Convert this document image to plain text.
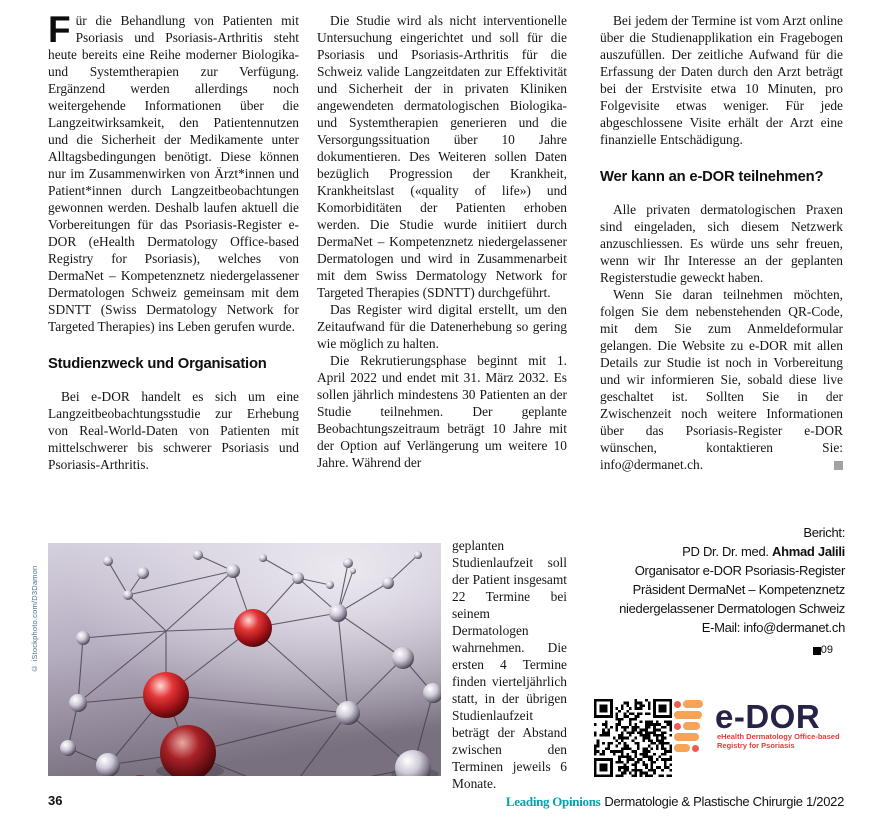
Für die Behandlung von Patienten mit Psoriasis und Psoriasis-Arthritis steht heute bereits eine Reihe moderner Biologika- und Systemtherapien zur Verfügung. Ergänzend werden allerdings noch weitergehende Informationen über die Langzeitwirksamkeit, den Patientennutzen und die Sicherheit der Medikamente unter Alltagsbedingungen benötigt. Diese können nur im Zusammenwirken von Ärzt*innen und Patient*innen durch Langzeitbeobachtungen gewonnen werden. Deshalb laufen aktuell die Vorbereitungen für das Psoriasis-Register e-DOR (eHealth Dermatology Office-based Registry for Psoriasis), welches von DermaNet – Kompetenznetz niedergelassener Dermatologen Schweiz gemeinsam mit dem SDNTT (Swiss Dermatology Network for Targeted Therapies) ins Leben gerufen wurde.

Studienzweck und Organisation

Bei e-DOR handelt es sich um eine Langzeitbeobachtungsstudie zur Erhebung von Real-World-Daten von Patienten mit mittelschwerer bis schwerer Psoriasis und Psoriasis-Arthritis.

Die Studie wird als nicht interventionelle Untersuchung eingerichtet und soll für die Psoriasis und Psoriasis-Arthritis für die Schweiz valide Langzeitdaten zur Effektivität und Sicherheit der in privaten Kliniken angewendeten dermatologischen Biologika- und Systemtherapien generieren und die Versorgungssituation über 10 Jahre dokumentieren. Des Weiteren sollen Daten bezüglich Progression der Krankheit, Krankheitslast («quality of life») und Komorbiditäten der Patienten erhoben werden. Die Studie wurde initiiert durch DermaNet – Kompetenznetz niedergelassener Dermatologen und wird in Zusammenarbeit mit dem Swiss Dermatology Network for Targeted Therapies (SDNTT) durchgeführt.

Das Register wird digital erstellt, um den Zeitaufwand für die Datenerhebung so gering wie möglich zu halten.

Die Rekrutierungsphase beginnt mit 1. April 2022 und endet mit 31. März 2032. Es sollen jährlich mindestens 30 Patienten an der Studie teilnehmen. Der geplante Beobachtungszeitraum beträgt 10 Jahre mit der Option auf Verlängerung um weitere 10 Jahre. Während der

geplanten Studienlaufzeit soll der Patient insgesamt 22 Termine bei seinem Dermatologen wahrnehmen. Die ersten 4 Termine finden vierteljährlich statt, in der übrigen Studienlaufzeit beträgt der Abstand zwischen den Terminen jeweils 6 Monate.

Bei jedem der Termine ist vom Arzt online über die Studienapplikation ein Fragebogen auszufüllen. Der zeitliche Aufwand für die Erfassung der Daten durch den Arzt beträgt bei der Erstvisite etwa 10 Minuten, pro Folgevisite etwas weniger. Für jede abgeschlossene Visite erhält der Arzt eine finanzielle Entschädigung.

Wer kann an e-DOR teilnehmen?

Alle privaten dermatologischen Praxen sind eingeladen, sich diesem Netzwerk anzuschliessen. Es würde uns sehr freuen, wenn wir Ihr Interesse an der geplanten Registerstudie geweckt haben.

Wenn Sie daran teilnehmen möchten, folgen Sie dem nebenstehenden QR-Code, mit dem Sie zum Anmeldeformular gelangen. Die Website zu e-DOR mit allen Details zur Studie ist noch in Vorbereitung und wir informieren Sie, sobald diese live geschaltet ist. Sollten Sie in der Zwischenzeit noch weitere Informationen über das Psoriasis-Register e-DOR wünschen, kontaktieren Sie: info@dermanet.ch.

© iStockphoto.com/D3Damon
Bericht:
PD Dr. Dr. med. Ahmad Jalili
Organisator e-DOR Psoriasis-Register
Präsident DermaNet – Kompetenznetz
niedergelassener Dermatologen Schweiz
E-Mail: info@dermanet.ch
09
e-DOR
eHealth Dermatology Office-based
Registry for Psoriasis
36	Leading Opinions Dermatologie & Plastische Chirurgie 1/2022
